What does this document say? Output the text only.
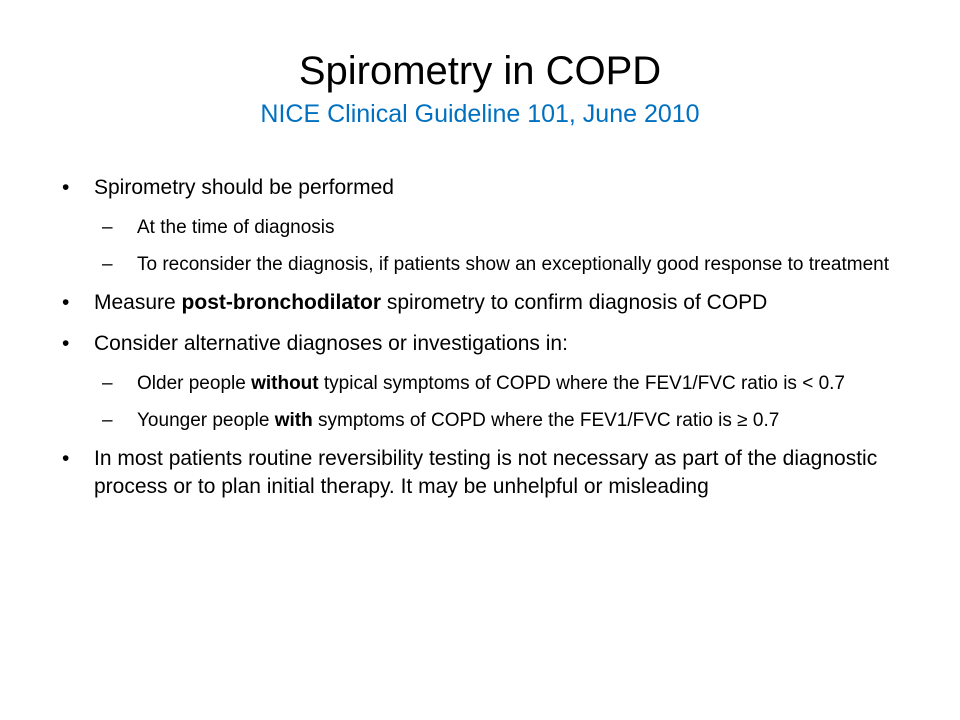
Spirometry in COPD
NICE Clinical Guideline 101, June 2010
•	Spirometry should be performed
– At the time of diagnosis
– To reconsider the diagnosis, if patients show an exceptionally good response to treatment
•	Measure post-bronchodilator spirometry to confirm diagnosis of COPD
•	Consider alternative diagnoses or investigations in:
– Older people without typical symptoms of COPD where the FEV1/FVC ratio is < 0.7
– Younger people with symptoms of COPD where the FEV1/FVC ratio is ≥ 0.7
•	In most patients routine reversibility testing is not necessary as part of the diagnostic process or to plan initial therapy. It may be unhelpful or misleading
